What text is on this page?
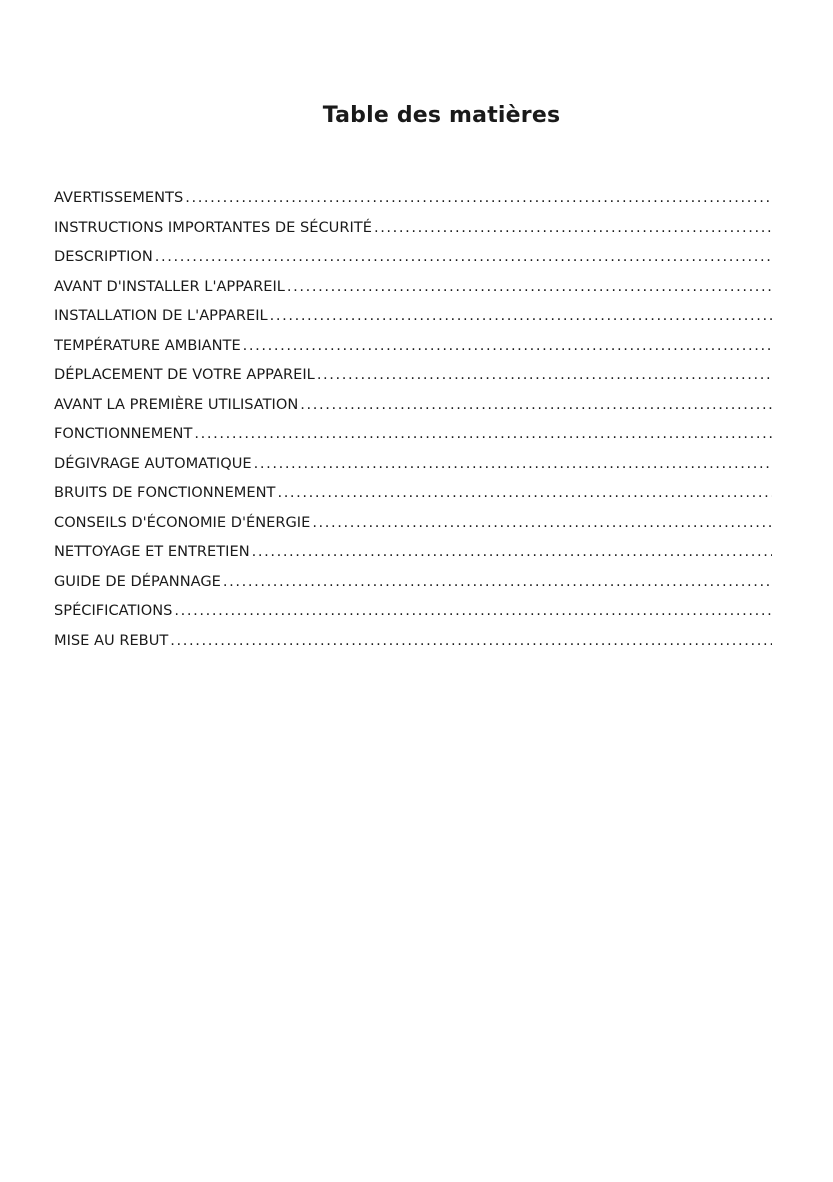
Table des matières
AVERTISSEMENTS
.....
INSTRUCTIONS IMPORTANTES DE SÉCURITÉ
.....
DESCRIPTION
.....
AVANT D'INSTALLER L'APPAREIL
.....
INSTALLATION DE L'APPAREIL
.....
TEMPÉRATURE AMBIANTE
.....
DÉPLACEMENT DE VOTRE APPAREIL
.....
AVANT LA PREMIÈRE UTILISATION
.....
FONCTIONNEMENT
.....
DÉGIVRAGE AUTOMATIQUE
.....
BRUITS DE FONCTIONNEMENT
.....
CONSEILS D'ÉCONOMIE D'ÉNERGIE
.....
NETTOYAGE ET ENTRETIEN
.....
GUIDE DE DÉPANNAGE
.....
SPÉCIFICATIONS
.....
MISE AU REBUT
.....
